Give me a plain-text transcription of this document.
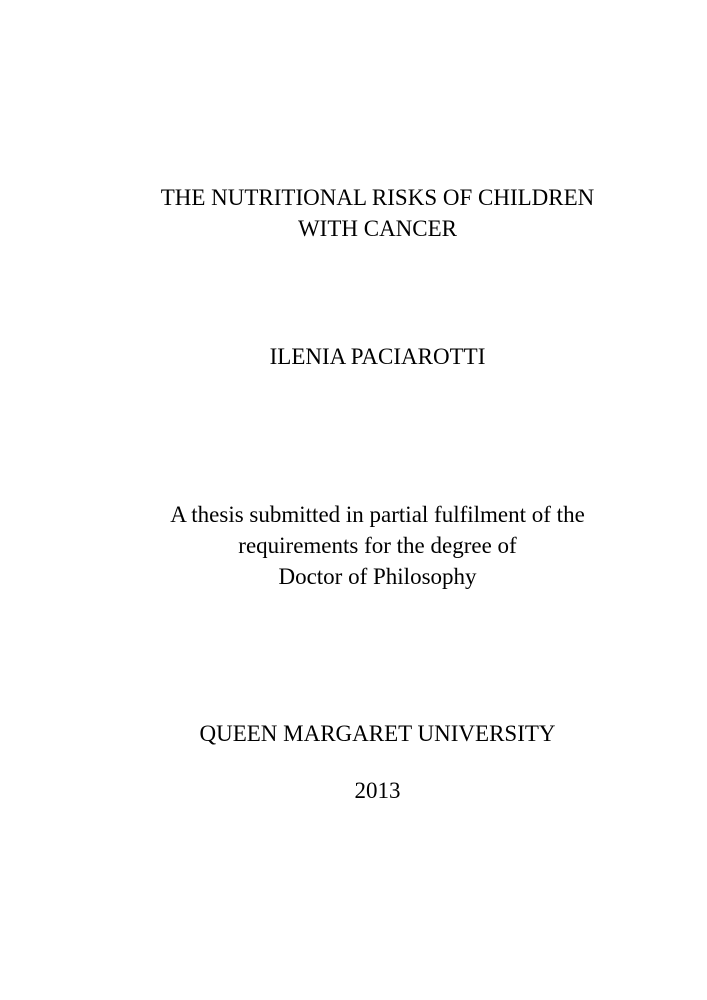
THE NUTRITIONAL RISKS OF CHILDREN
WITH CANCER
ILENIA PACIAROTTI
A thesis submitted in partial fulfilment of the
requirements for the degree of
Doctor of Philosophy
QUEEN MARGARET UNIVERSITY
2013
